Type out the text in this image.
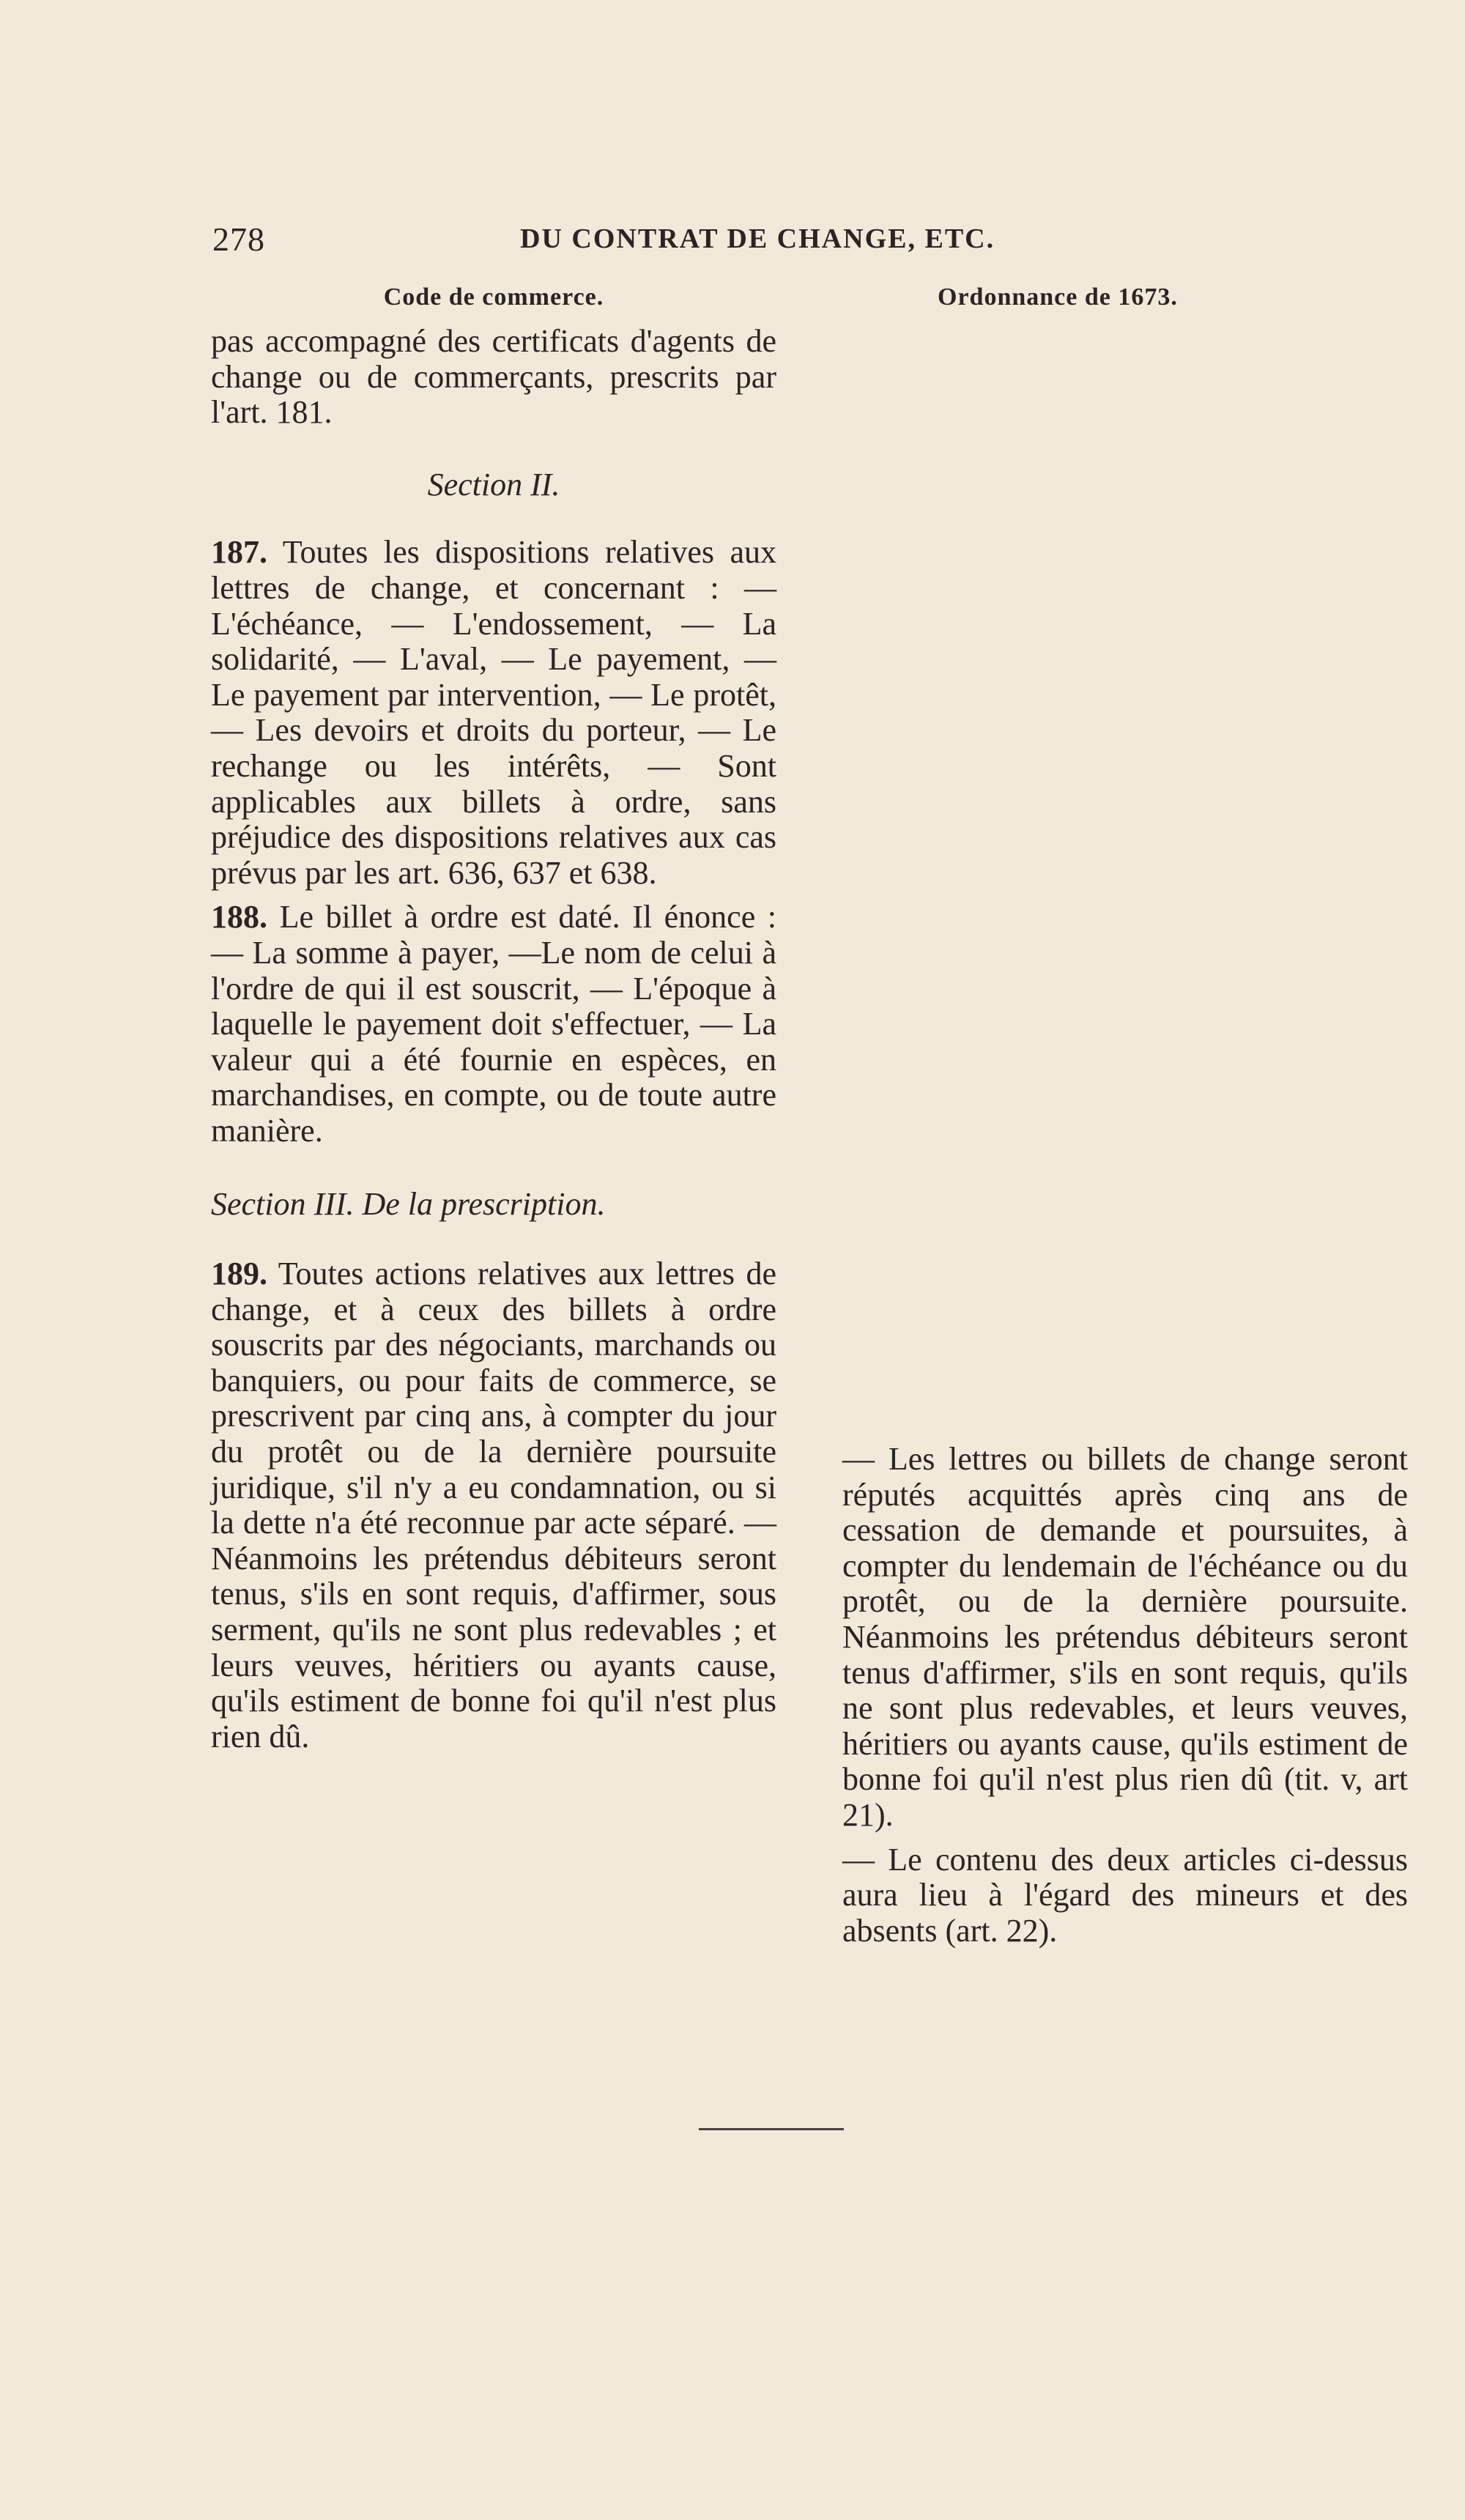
278	DU CONTRAT DE CHANGE, ETC.
Code de commerce.

pas accompagné des certificats d'agents de change ou de commerçants, prescrits par l'art. 181.

Section II.

187. Toutes les dispositions relatives aux lettres de change, et concernant : — L'échéance, — L'endossement, — La solidarité, — L'aval, — Le payement, — Le payement par intervention, — Le protêt, — Les devoirs et droits du porteur, — Le rechange ou les intérêts, — Sont applicables aux billets à ordre, sans préjudice des dispositions relatives aux cas prévus par les art. 636, 637 et 638.

188. Le billet à ordre est daté. Il énonce : — La somme à payer, —Le nom de celui à l'ordre de qui il est souscrit, — L'époque à laquelle le payement doit s'effectuer, — La valeur qui a été fournie en espèces, en marchandises, en compte, ou de toute autre manière.

Section III. De la prescription.

189. Toutes actions relatives aux lettres de change, et à ceux des billets à ordre souscrits par des négociants, marchands ou banquiers, ou pour faits de commerce, se prescrivent par cinq ans, à compter du jour du protêt ou de la dernière poursuite juridique, s'il n'y a eu condamnation, ou si la dette n'a été reconnue par acte séparé. — Néanmoins les prétendus débiteurs seront tenus, s'ils en sont requis, d'affirmer, sous serment, qu'ils ne sont plus redevables ; et leurs veuves, héritiers ou ayants cause, qu'ils estiment de bonne foi qu'il n'est plus rien dû.

Ordonnance de 1673.

— Les lettres ou billets de change seront réputés acquittés après cinq ans de cessation de demande et poursuites, à compter du lendemain de l'échéance ou du protêt, ou de la dernière poursuite. Néanmoins les prétendus débiteurs seront tenus d'affirmer, s'ils en sont requis, qu'ils ne sont plus redevables, et leurs veuves, héritiers ou ayants cause, qu'ils estiment de bonne foi qu'il n'est plus rien dû (tit. v, art 21).

— Le contenu des deux articles ci-dessus aura lieu à l'égard des mineurs et des absents (art. 22).
